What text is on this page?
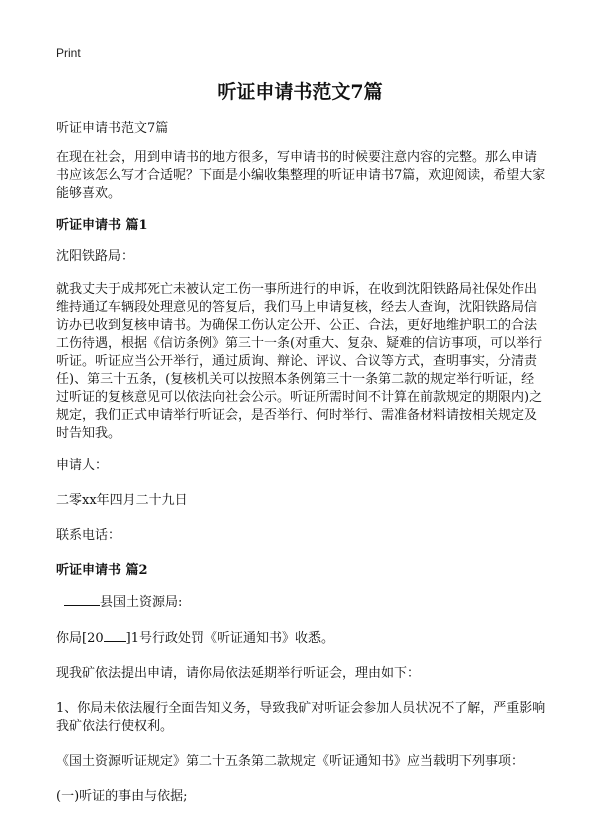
Print
听证申请书范文7篇

听证申请书范文7篇

在现在社会，用到申请书的地方很多，写申请书的时候要注意内容的完整。那么申请书应该怎么写才合适呢？下面是小编收集整理的听证申请书7篇，欢迎阅读，希望大家能够喜欢。

听证申请书 篇1

沈阳铁路局：

就我丈夫于成邦死亡未被认定工伤一事所进行的申诉，在收到沈阳铁路局社保处作出维持通辽车辆段处理意见的答复后，我们马上申请复核，经去人查询，沈阳铁路局信访办已收到复核申请书。为确保工伤认定公开、公正、合法，更好地维护职工的合法工伤待遇，根据《信访条例》第三十一条(对重大、复杂、疑难的信访事项，可以举行听证。听证应当公开举行，通过质询、辩论、评议、合议等方式，查明事实，分清责任)、第三十五条，(复核机关可以按照本条例第三十一条第二款的规定举行听证，经过听证的复核意见可以依法向社会公示。听证所需时间不计算在前款规定的期限内)之规定，我们正式申请举行听证会，是否举行、何时举行、需准备材料请按相关规定及时告知我。

申请人：

二零xx年四月二十九日

联系电话：

听证申请书 篇2

县国土资源局:

你局[20 ]1号行政处罚《听证通知书》收悉。

现我矿依法提出申请，请你局依法延期举行听证会，理由如下：

1、你局未依法履行全面告知义务，导致我矿对听证会参加人员状况不了解，严重影响我矿依法行使权利。

《国土资源听证规定》第二十五条第二款规定《听证通知书》应当载明下列事项：

(一)听证的事由与依据;
